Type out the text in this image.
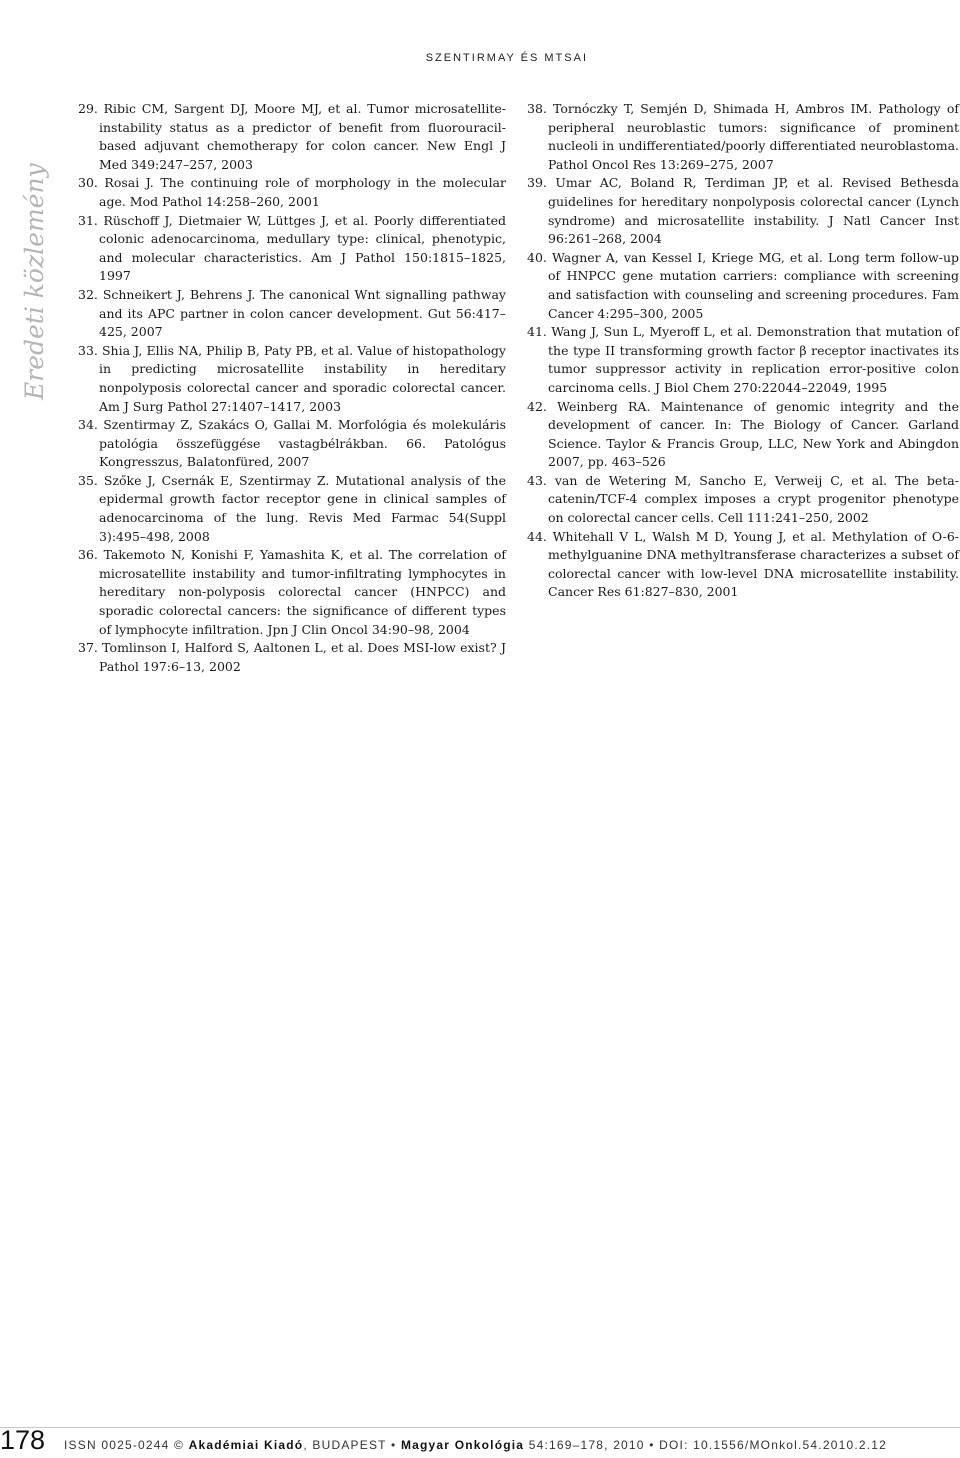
SZENTIRMAY ÉS MTSAI
Eredeti közlemény

29. Ribic CM, Sargent DJ, Moore MJ, et al. Tumor microsatellite-instability status as a predictor of benefit from fluorouracil-based adjuvant chemotherapy for colon cancer. New Engl J Med 349:247–257, 2003

30. Rosai J. The continuing role of morphology in the molecular age. Mod Pathol 14:258–260, 2001

31. Rüschoff J, Dietmaier W, Lüttges J, et al. Poorly differentiated colonic adenocarcinoma, medullary type: clinical, phenotypic, and molecular characteristics. Am J Pathol 150:1815–1825, 1997

32. Schneikert J, Behrens J. The canonical Wnt signalling pathway and its APC partner in colon cancer development. Gut 56:417–425, 2007

33. Shia J, Ellis NA, Philip B, Paty PB, et al. Value of histopathology in predicting microsatellite instability in hereditary nonpolyposis colorectal cancer and sporadic colorectal cancer. Am J Surg Pathol 27:1407–1417, 2003

34. Szentirmay Z, Szakács O, Gallai M. Morfológia és molekuláris patológia összefüggése vastagbélrákban. 66. Patológus Kongresszus, Balatonfüred, 2007

35. Szőke J, Csernák E, Szentirmay Z. Mutational analysis of the epidermal growth factor receptor gene in clinical samples of adenocarcinoma of the lung. Revis Med Farmac 54(Suppl 3):495–498, 2008

36. Takemoto N, Konishi F, Yamashita K, et al. The correlation of microsatellite instability and tumor-infiltrating lymphocytes in hereditary non-polyposis colorectal cancer (HNPCC) and sporadic colorectal cancers: the significance of different types of lymphocyte infiltration. Jpn J Clin Oncol 34:90–98, 2004

37. Tomlinson I, Halford S, Aaltonen L, et al. Does MSI-low exist? J Pathol 197:6–13, 2002

38. Tornóczky T, Semjén D, Shimada H, Ambros IM. Pathology of peripheral neuroblastic tumors: significance of prominent nucleoli in undifferentiated/poorly differentiated neuroblastoma. Pathol Oncol Res 13:269–275, 2007

39. Umar AC, Boland R, Terdiman JP, et al. Revised Bethesda guidelines for hereditary nonpolyposis colorectal cancer (Lynch syndrome) and microsatellite instability. J Natl Cancer Inst 96:261–268, 2004

40. Wagner A, van Kessel I, Kriege MG, et al. Long term follow-up of HNPCC gene mutation carriers: compliance with screening and satisfaction with counseling and screening procedures. Fam Cancer 4:295–300, 2005

41. Wang J, Sun L, Myeroff L, et al. Demonstration that mutation of the type II transforming growth factor β receptor inactivates its tumor suppressor activity in replication error-positive colon carcinoma cells. J Biol Chem 270:22044–22049, 1995

42. Weinberg RA. Maintenance of genomic integrity and the development of cancer. In: The Biology of Cancer. Garland Science. Taylor & Francis Group, LLC, New York and Abingdon 2007, pp. 463–526

43. van de Wetering M, Sancho E, Verweij C, et al. The beta-catenin/TCF-4 complex imposes a crypt progenitor phenotype on colorectal cancer cells. Cell 111:241–250, 2002

44. Whitehall V L, Walsh M D, Young J, et al. Methylation of O-6-methylguanine DNA methyltransferase characterizes a subset of colorectal cancer with low-level DNA microsatellite instability. Cancer Res 61:827–830, 2001

178 ISSN 0025-0244 © Akadémiai Kiadó, BUDAPEST • Magyar Onkológia 54:169–178, 2010 • DOI: 10.1556/MOnkol.54.2010.2.12
